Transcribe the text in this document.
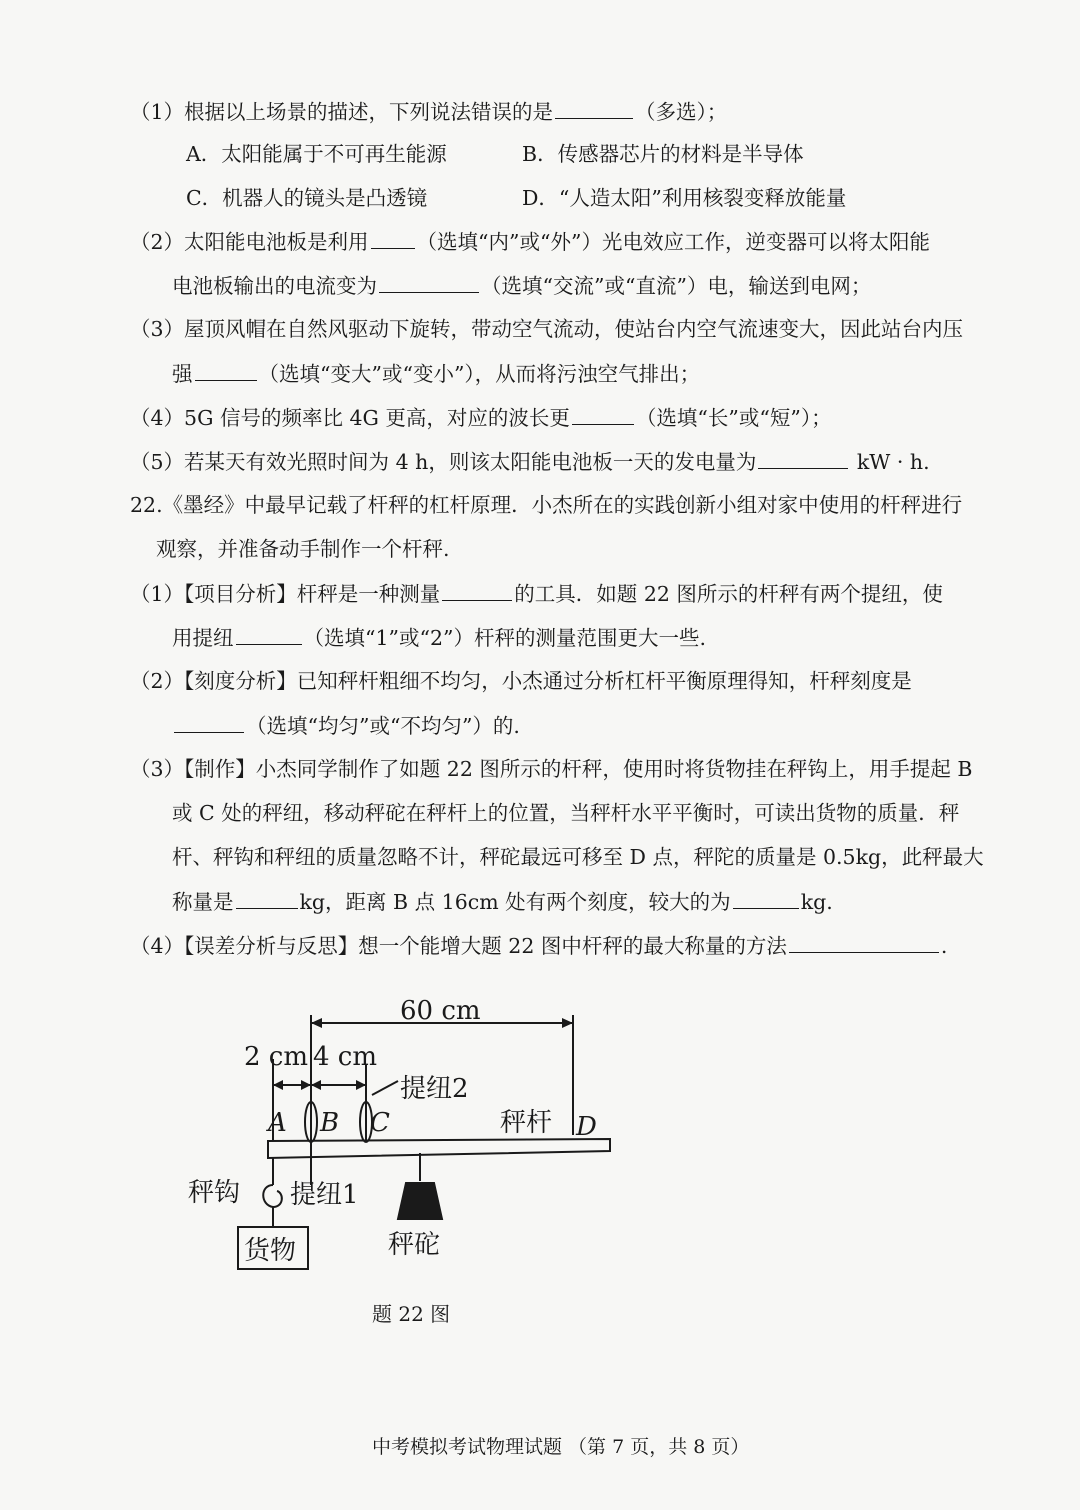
（1）根据以上场景的描述，下列说法错误的是	（多选）；
A．太阳能属于不可再生能源	B．传感器芯片的材料是半导体
C．机器人的镜头是凸透镜	D．“人造太阳”利用核裂变释放能量
（2）太阳能电池板是利用 （选填“内”或“外”）光电效应工作，逆变器可以将太阳能
电池板输出的电流变为	（选填“交流”或“直流”）电，输送到电网；
（3）屋顶风帽在自然风驱动下旋转，带动空气流动，使站台内空气流速变大，因此站台内压
强	（选填“变大”或“变小”），从而将污浊空气排出；
（4）5G 信号的频率比 4G 更高，对应的波长更	（选填“长”或“短”）；
（5）若某天有效光照时间为 4 h，则该太阳能电池板一天的发电量为	kW · h.
22.《墨经》中最早记载了杆秤的杠杆原理．小杰所在的实践创新小组对家中使用的杆秤进行
观察，并准备动手制作一个杆秤.
（1）【项目分析】杆秤是一种测量	的工具．如题 22 图所示的杆秤有两个提纽，使
用提纽	（选填“1”或“2”）杆秤的测量范围更大一些.
（2）【刻度分析】已知秤杆粗细不均匀，小杰通过分析杠杆平衡原理得知，杆秤刻度是
（选填“均匀”或“不均匀”）的.
（3）【制作】小杰同学制作了如题 22 图所示的杆秤，使用时将货物挂在秤钩上，用手提起 B
或 C 处的秤纽，移动秤砣在秤杆上的位置，当秤杆水平平衡时，可读出货物的质量．秤
杆、秤钩和秤纽的质量忽略不计，秤砣最远可移至 D 点，秤陀的质量是 0.5kg，此秤最大
称量是	kg，距离 B 点 16cm 处有两个刻度，较大的为	kg.
（4）【误差分析与反思】想一个能增大题 22 图中杆秤的最大称量的方法	.
60 cm
2 cm 4 cm
A B C	D
提纽2
秤杆
秤钩 提纽1
货物	秤砣
题 22 图
中考模拟考试物理试题 （第 7 页，共 8 页）
